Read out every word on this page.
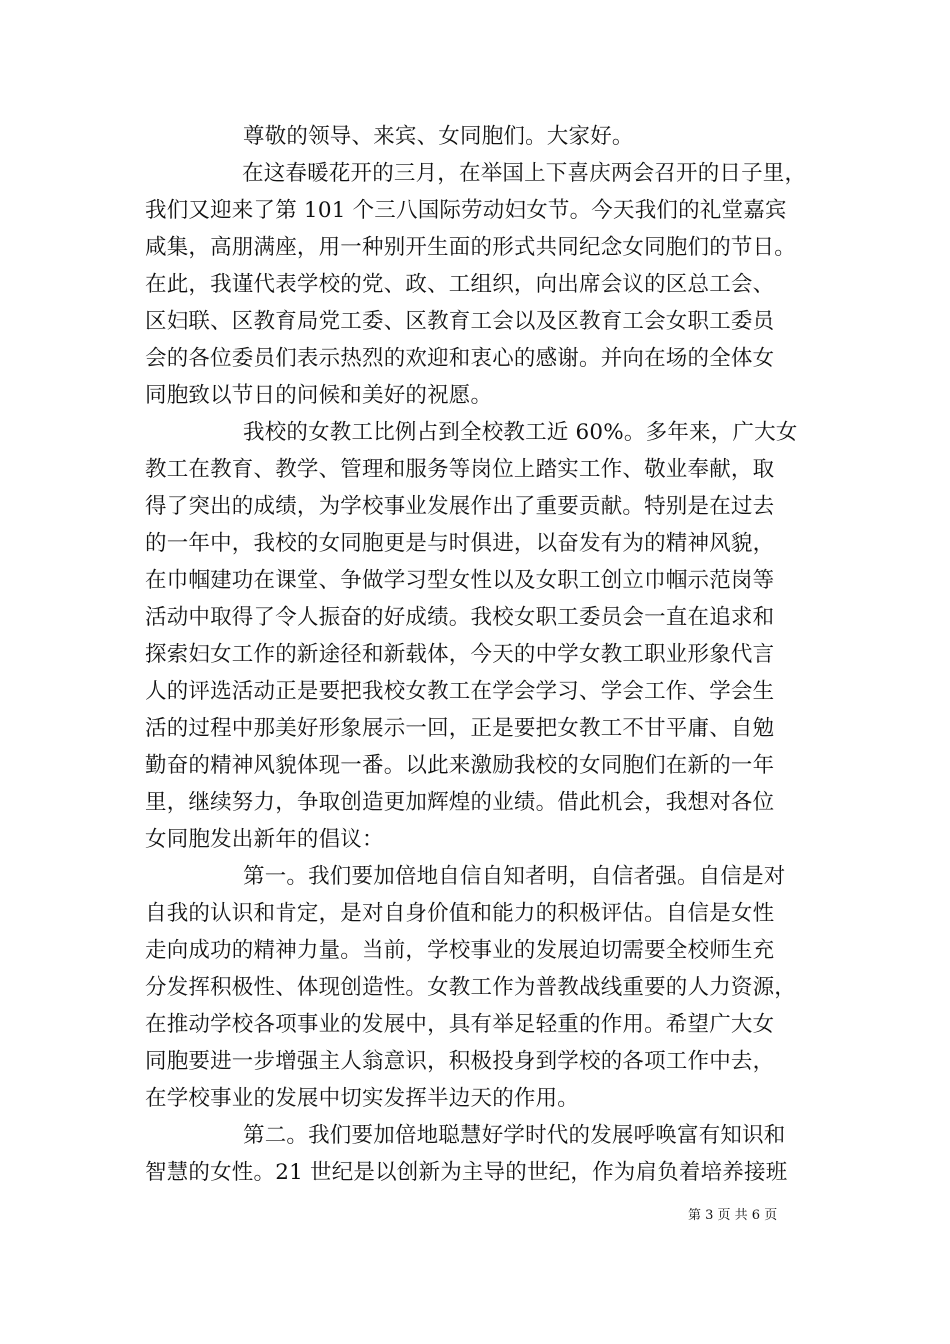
尊敬的领导、来宾、女同胞们。大家好。
在这春暖花开的三月，在举国上下喜庆两会召开的日子里，
我们又迎来了第 101 个三八国际劳动妇女节。今天我们的礼堂嘉宾
咸集，高朋满座，用一种别开生面的形式共同纪念女同胞们的节日。
在此，我谨代表学校的党、政、工组织，向出席会议的区总工会、
区妇联、区教育局党工委、区教育工会以及区教育工会女职工委员
会的各位委员们表示热烈的欢迎和衷心的感谢。并向在场的全体女
同胞致以节日的问候和美好的祝愿。
我校的女教工比例占到全校教工近 60%。多年来，广大女
教工在教育、教学、管理和服务等岗位上踏实工作、敬业奉献，取
得了突出的成绩，为学校事业发展作出了重要贡献。特别是在过去
的一年中，我校的女同胞更是与时俱进，以奋发有为的精神风貌，
在巾帼建功在课堂、争做学习型女性以及女职工创立巾帼示范岗等
活动中取得了令人振奋的好成绩。我校女职工委员会一直在追求和
探索妇女工作的新途径和新载体，今天的中学女教工职业形象代言
人的评选活动正是要把我校女教工在学会学习、学会工作、学会生
活的过程中那美好形象展示一回，正是要把女教工不甘平庸、自勉
勤奋的精神风貌体现一番。以此来激励我校的女同胞们在新的一年
里，继续努力，争取创造更加辉煌的业绩。借此机会，我想对各位
女同胞发出新年的倡议：
第一。我们要加倍地自信自知者明，自信者强。自信是对
自我的认识和肯定，是对自身价值和能力的积极评估。自信是女性
走向成功的精神力量。当前，学校事业的发展迫切需要全校师生充
分发挥积极性、体现创造性。女教工作为普教战线重要的人力资源，
在推动学校各项事业的发展中，具有举足轻重的作用。希望广大女
同胞要进一步增强主人翁意识，积极投身到学校的各项工作中去，
在学校事业的发展中切实发挥半边天的作用。
第二。我们要加倍地聪慧好学时代的发展呼唤富有知识和
智慧的女性。21 世纪是以创新为主导的世纪，作为肩负着培养接班
第 3 页 共 6 页
